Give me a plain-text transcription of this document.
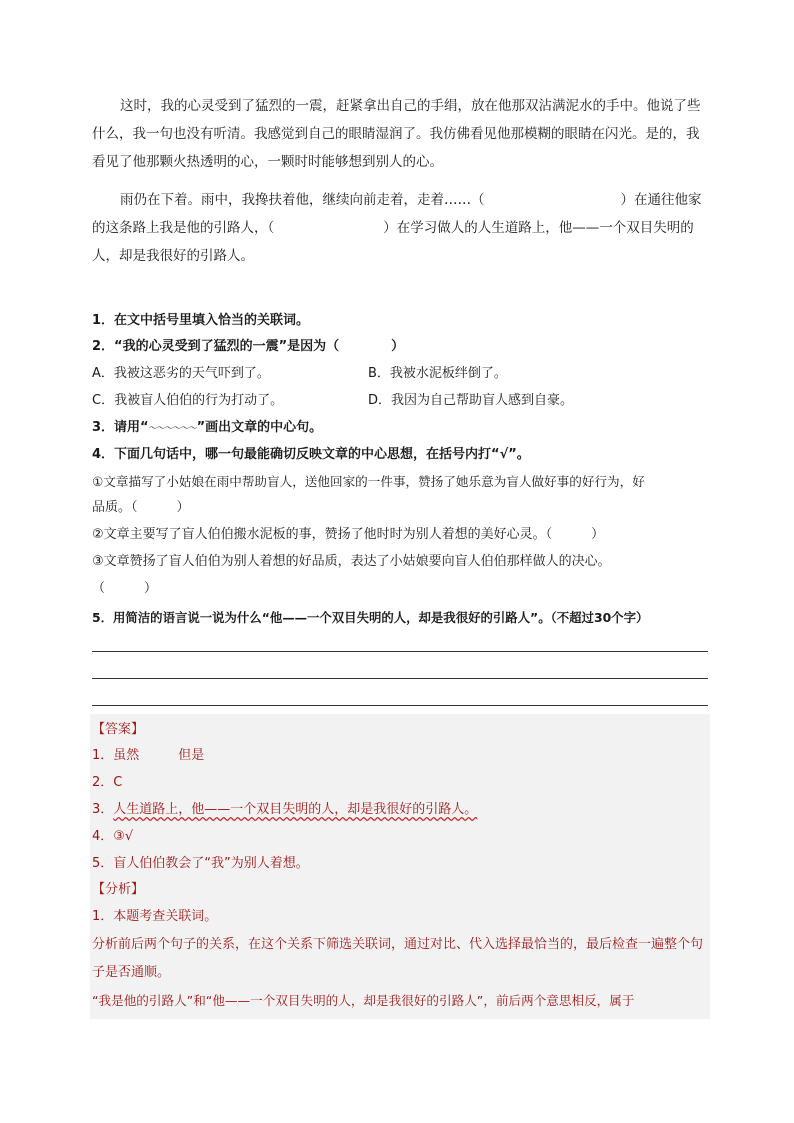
这时，我的心灵受到了猛烈的一震，赶紧拿出自己的手绢，放在他那双沾满泥水的手中。他说了些什么，我一句也没有听清。我感觉到自己的眼睛湿润了。我仿佛看见他那模糊的眼睛在闪光。是的，我看见了他那颗火热透明的心，一颗时时能够想到别人的心。

雨仍在下着。雨中，我搀扶着他，继续向前走着，走着……（　　　　　　　　	）在通往他家的这条路上我是他的引路人，（　　　　　　	）在学习做人的人生道路上，他——一个双目失明的人，却是我很好的引路人。

1．在文中括号里填入恰当的关联词。
2．“我的心灵受到了猛烈的一震”是因为（　　　　）
A．我被这恶劣的天气吓到了。	B．我被水泥板绊倒了。
C．我被盲人伯伯的行为打动了。	D．我因为自己帮助盲人感到自豪。
3．请用“～～～～～～”画出文章的中心句。
4．下面几句话中，哪一句最能确切反映文章的中心思想，在括号内打“√”。
①文章描写了小姑娘在雨中帮助盲人，送他回家的一件事，赞扬了她乐意为盲人做好事的好行为，好
品质。（　　　）
②文章主要写了盲人伯伯搬水泥板的事，赞扬了他时时为别人着想的美好心灵。（　　　）
③文章赞扬了盲人伯伯为别人着想的好品质，表达了小姑娘要向盲人伯伯那样做人的决心。
（　　　）
5．用简洁的语言说一说为什么“他——一个双目失明的人，却是我很好的引路人”。（不超过30个字）
【答案】
1．虽然　　　但是
2．C
3．人生道路上，他——一个双目失明的人，却是我很好的引路人。
4．③√
5．盲人伯伯教会了“我”为别人着想。
【分析】
1．本题考查关联词。
分析前后两个句子的关系，在这个关系下筛选关联词，通过对比、代入选择最恰当的，最后检查一遍整个句子是否通顺。
“我是他的引路人”和“他——一个双目失明的人，却是我很好的引路人”，前后两个意思相反，属于
